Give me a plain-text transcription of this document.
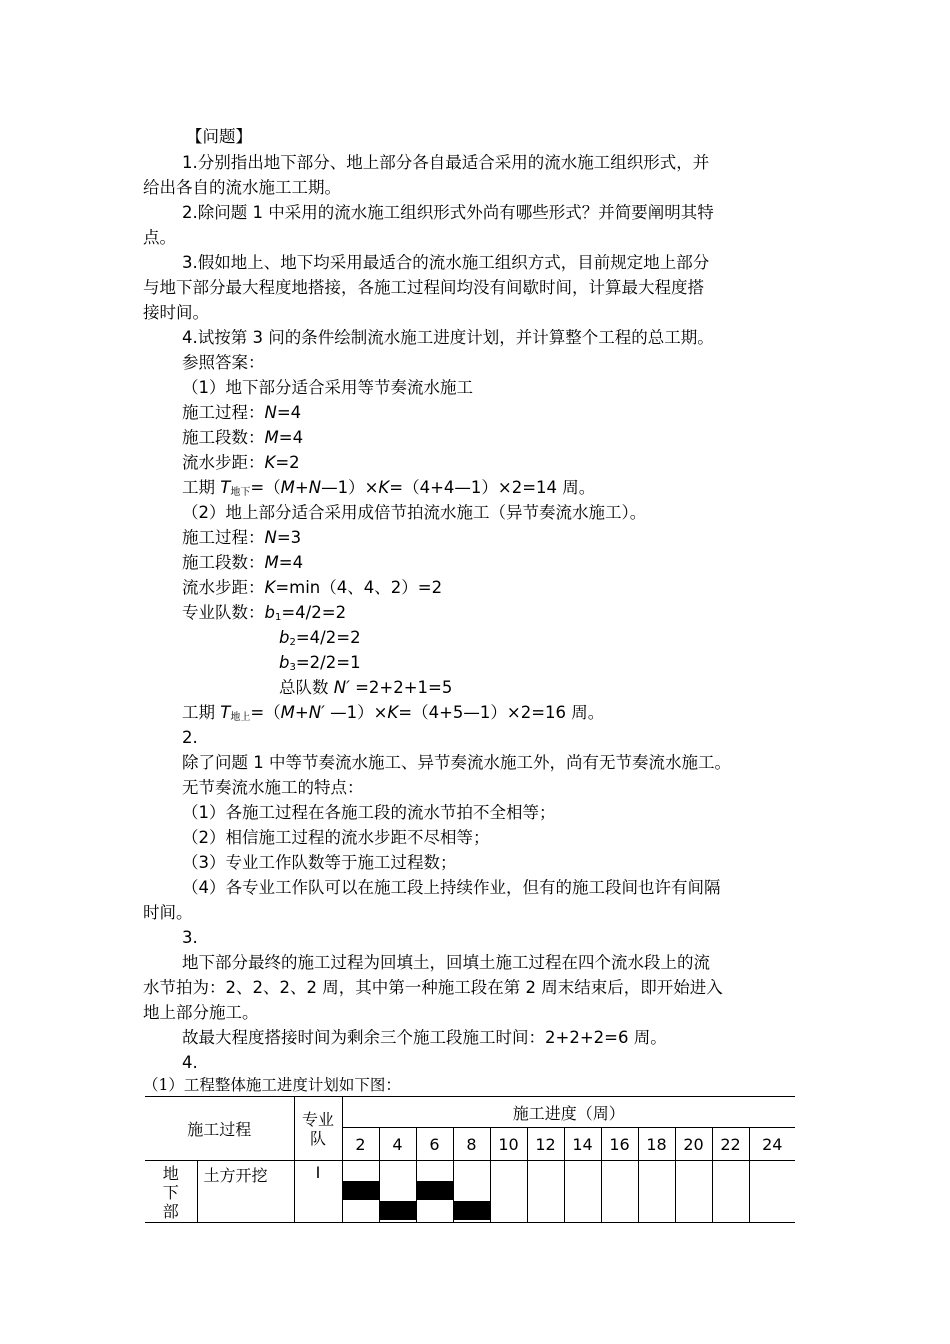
【问题】
1.分别指出地下部分、地上部分各自最适合采用的流水施工组织形式，并
给出各自的流水施工工期。
2.除问题 1 中采用的流水施工组织形式外尚有哪些形式？并简要阐明其特
点。
3.假如地上、地下均采用最适合的流水施工组织方式，目前规定地上部分
与地下部分最大程度地搭接，各施工过程间均没有间歇时间，计算最大程度搭
接时间。
4.试按第 3 问的条件绘制流水施工进度计划，并计算整个工程的总工期。
参照答案：
（1）地下部分适合采用等节奏流水施工
施工过程：N=4
施工段数：M=4
流水步距：K=2
工期 $T_{地下}=(M+N—1)\times K=(4+4—1)\times 2=14$ 周。
（2）地上部分适合采用成倍节拍流水施工（异节奏流水施工）。
施工过程：N=3
施工段数：M=4
流水步距：K=min（4、4、2）=2
专业队数：$b_1=4/2=2$
$b_2=4/2=2$
$b_3=2/2=1$
总队数 N′ =2+2+1=5
工期 $T_{地上}=(M+N'$ —1）×K=（4+5—1）×2=16 周。
2.
除了问题 1 中等节奏流水施工、异节奏流水施工外，尚有无节奏流水施工。
无节奏流水施工的特点：
（1）各施工过程在各施工段的流水节拍不全相等；
（2）相信施工过程的流水步距不尽相等；
（3）专业工作队数等于施工过程数；
（4）各专业工作队可以在施工段上持续作业，但有的施工段间也许有间隔
时间。
3.
地下部分最终的施工过程为回填土，回填土施工过程在四个流水段上的流
水节拍为：2、2、2、2 周，其中第一种施工段在第 2 周末结束后，即开始进入
地上部分施工。
故最大程度搭接时间为剩余三个施工段施工时间：2+2+2=6 周。
4.
（1）工程整体施工进度计划如下图：
施工过程		专业
队	施工进度（周）											
			2	4	6	8	10	12	14	16	18	20	22	24

地
下
部	土方开挖	Ⅰ	
